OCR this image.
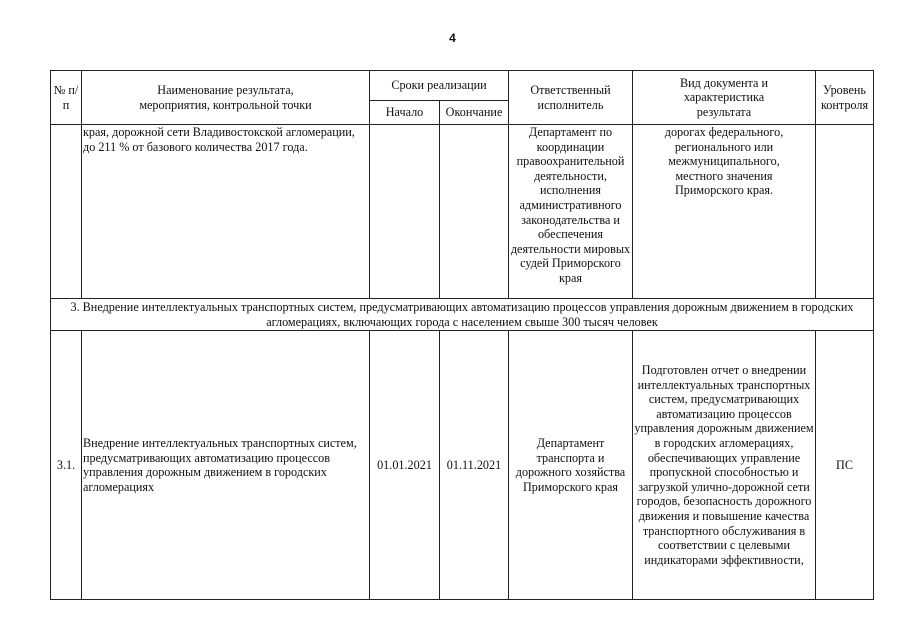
4
№ п/п	Наименование результата, мероприятия, контрольной точки	Сроки реализации		Ответственный исполнитель	Вид документа и характеристика результата	Уровень контроля
		Начало	Окончание			
	края, дорожной сети Владивостокской агломерации, до 211 % от базового количества 2017 года.			Департамент по координации правоохранительной деятельности, исполнения административного законодательства и обеспечения деятельности мировых судей Приморского края	дорогах федерального, регионального или межмуниципального, местного значения Приморского края.	
3. Внедрение интеллектуальных транспортных систем, предусматривающих автоматизацию процессов управления дорожным движением в городских агломерациях, включающих города с населением свыше 300 тысяч человек						
3.1.	Внедрение интеллектуальных транспортных систем, предусматривающих автоматизацию процессов управления дорожным движением в городских агломерациях	01.01.2021	01.11.2021	Департамент транспорта и дорожного хозяйства Приморского края	Подготовлен отчет о внедрении интеллектуальных транспортных систем, предусматривающих автоматизацию процессов управления дорожным движением в городских агломерациях, обеспечивающих управление пропускной способностью и загрузкой улично-дорожной сети городов, безопасность дорожного движения и повышение качества транспортного обслуживания в соответствии с целевыми индикаторами эффективности,	ПС
